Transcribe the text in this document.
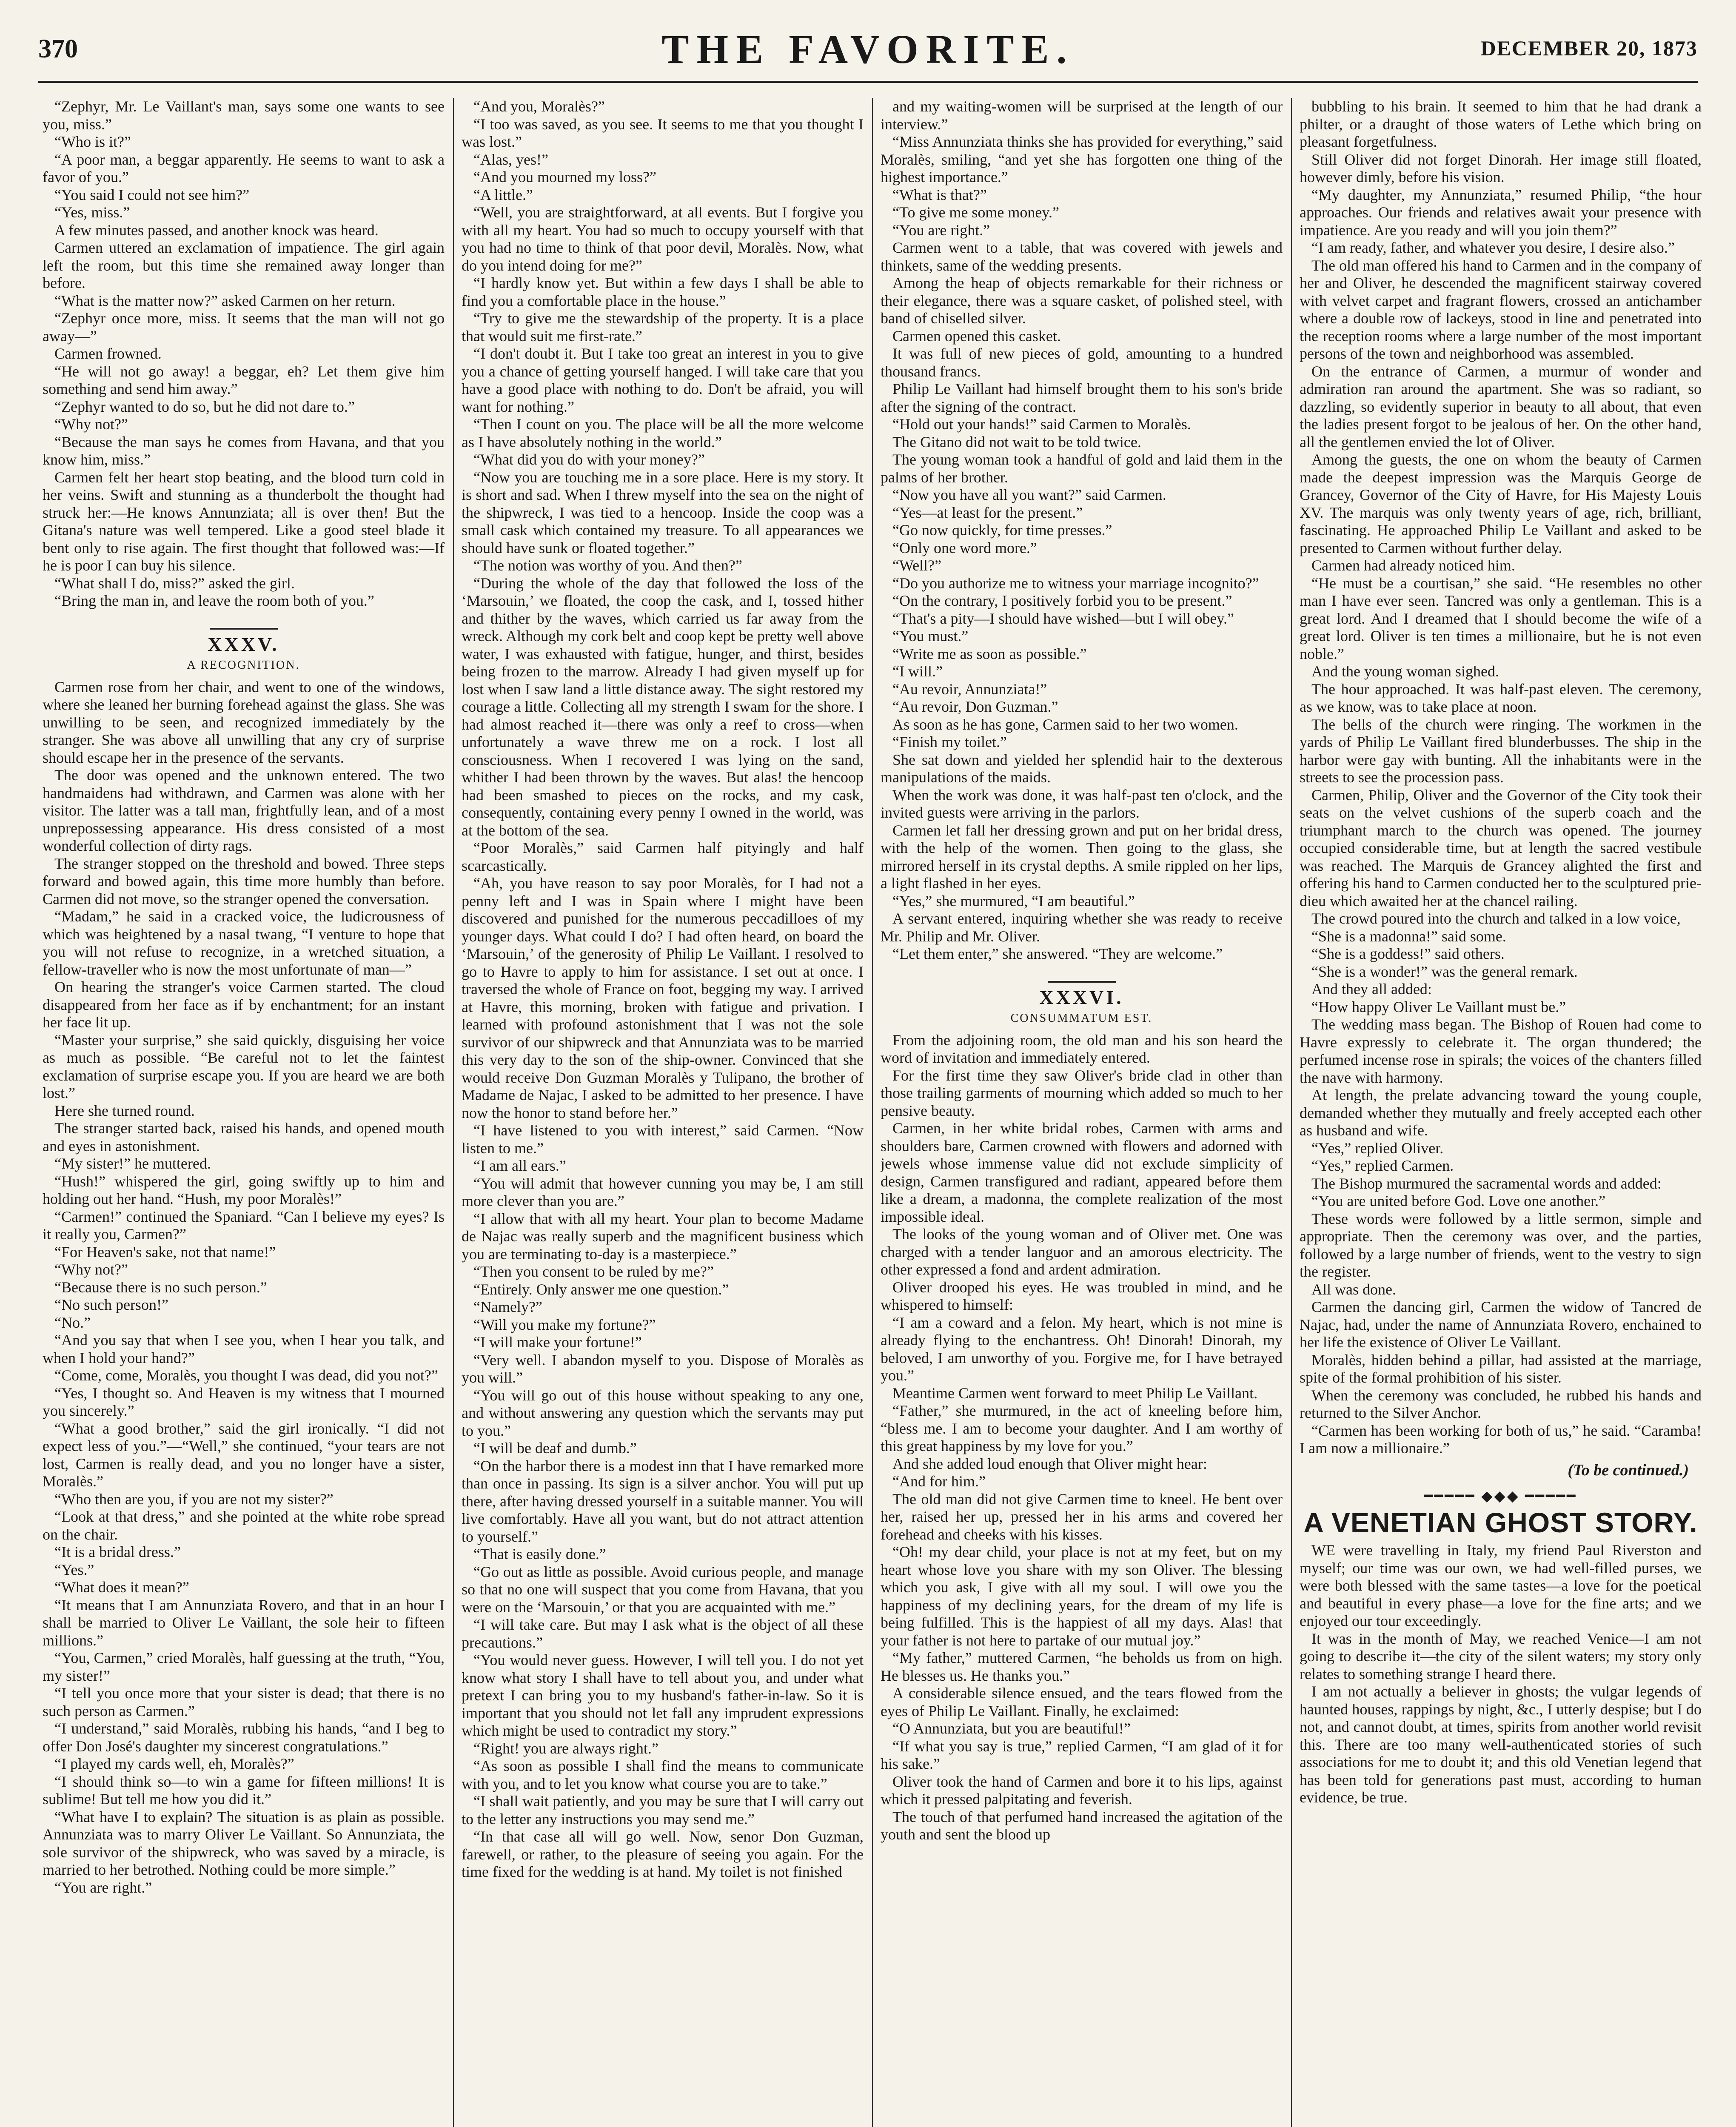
370	THE FAVORITE.	DECEMBER 20, 1873

“Zephyr, Mr. Le Vaillant's man, says some one wants to see you, miss.”

“Who is it?”

“A poor man, a beggar apparently. He seems to want to ask a favor of you.”

“You said I could not see him?”

“Yes, miss.”

A few minutes passed, and another knock was heard.

Carmen uttered an exclamation of impatience. The girl again left the room, but this time she remained away longer than before.

“What is the matter now?” asked Carmen on her return.

“Zephyr once more, miss. It seems that the man will not go away—”

Carmen frowned.

“He will not go away! a beggar, eh? Let them give him something and send him away.”

“Zephyr wanted to do so, but he did not dare to.”

“Why not?”

“Because the man says he comes from Havana, and that you know him, miss.”

Carmen felt her heart stop beating, and the blood turn cold in her veins. Swift and stunning as a thunderbolt the thought had struck her:—He knows Annunziata; all is over then! But the Gitana's nature was well tempered. Like a good steel blade it bent only to rise again. The first thought that followed was:—If he is poor I can buy his silence.

“What shall I do, miss?” asked the girl.

“Bring the man in, and leave the room both of you.”

XXXV.
A RECOGNITION.

Carmen rose from her chair, and went to one of the windows, where she leaned her burning forehead against the glass. She was unwilling to be seen, and recognized immediately by the stranger. She was above all unwilling that any cry of surprise should escape her in the presence of the servants.

The door was opened and the unknown entered. The two handmaidens had withdrawn, and Carmen was alone with her visitor. The latter was a tall man, frightfully lean, and of a most unprepossessing appearance. His dress consisted of a most wonderful collection of dirty rags.

The stranger stopped on the threshold and bowed. Three steps forward and bowed again, this time more humbly than before. Carmen did not move, so the stranger opened the conversation.

“Madam,” he said in a cracked voice, the ludicrousness of which was heightened by a nasal twang, “I venture to hope that you will not refuse to recognize, in a wretched situation, a fellow-traveller who is now the most unfortunate of man—”

On hearing the stranger's voice Carmen started. The cloud disappeared from her face as if by enchantment; for an instant her face lit up.

“Master your surprise,” she said quickly, disguising her voice as much as possible. “Be careful not to let the faintest exclamation of surprise escape you. If you are heard we are both lost.”

Here she turned round.

The stranger started back, raised his hands, and opened mouth and eyes in astonishment.

“My sister!” he muttered.

“Hush!” whispered the girl, going swiftly up to him and holding out her hand. “Hush, my poor Moralès!”

“Carmen!” continued the Spaniard. “Can I believe my eyes? Is it really you, Carmen?”

“For Heaven's sake, not that name!”

“Why not?”

“Because there is no such person.”

“No such person!”

“No.”

“And you say that when I see you, when I hear you talk, and when I hold your hand?”

“Come, come, Moralès, you thought I was dead, did you not?”

“Yes, I thought so. And Heaven is my witness that I mourned you sincerely.”

“What a good brother,” said the girl ironically. “I did not expect less of you.”—“Well,” she continued, “your tears are not lost, Carmen is really dead, and you no longer have a sister, Moralès.”

“Who then are you, if you are not my sister?”

“Look at that dress,” and she pointed at the white robe spread on the chair.

“It is a bridal dress.”

“Yes.”

“What does it mean?”

“It means that I am Annunziata Rovero, and that in an hour I shall be married to Oliver Le Vaillant, the sole heir to fifteen millions.”

“You, Carmen,” cried Moralès, half guessing at the truth, “You, my sister!”

“I tell you once more that your sister is dead; that there is no such person as Carmen.”

“I understand,” said Moralès, rubbing his hands, “and I beg to offer Don José's daughter my sincerest congratulations.”

“I played my cards well, eh, Moralès?”

“I should think so—to win a game for fifteen millions! It is sublime! But tell me how you did it.”

“What have I to explain? The situation is as plain as possible. Annunziata was to marry Oliver Le Vaillant. So Annunziata, the sole survivor of the shipwreck, who was saved by a miracle, is married to her betrothed. Nothing could be more simple.”

“You are right.”

“And you, Moralès?”

“I too was saved, as you see. It seems to me that you thought I was lost.”

“Alas, yes!”

“And you mourned my loss?”

“A little.”

“Well, you are straightforward, at all events. But I forgive you with all my heart. You had so much to occupy yourself with that you had no time to think of that poor devil, Moralès. Now, what do you intend doing for me?”

“I hardly know yet. But within a few days I shall be able to find you a comfortable place in the house.”

“Try to give me the stewardship of the property. It is a place that would suit me first-rate.”

“I don't doubt it. But I take too great an interest in you to give you a chance of getting yourself hanged. I will take care that you have a good place with nothing to do. Don't be afraid, you will want for nothing.”

“Then I count on you. The place will be all the more welcome as I have absolutely nothing in the world.”

“What did you do with your money?”

“Now you are touching me in a sore place. Here is my story. It is short and sad. When I threw myself into the sea on the night of the shipwreck, I was tied to a hencoop. Inside the coop was a small cask which contained my treasure. To all appearances we should have sunk or floated together.”

“The notion was worthy of you. And then?”

“During the whole of the day that followed the loss of the ‘Marsouin,’ we floated, the coop the cask, and I, tossed hither and thither by the waves, which carried us far away from the wreck. Although my cork belt and coop kept be pretty well above water, I was exhausted with fatigue, hunger, and thirst, besides being frozen to the marrow. Already I had given myself up for lost when I saw land a little distance away. The sight restored my courage a little. Collecting all my strength I swam for the shore. I had almost reached it—there was only a reef to cross—when unfortunately a wave threw me on a rock. I lost all consciousness. When I recovered I was lying on the sand, whither I had been thrown by the waves. But alas! the hencoop had been smashed to pieces on the rocks, and my cask, consequently, containing every penny I owned in the world, was at the bottom of the sea.

“Poor Moralès,” said Carmen half pityingly and half scarcastically.

“Ah, you have reason to say poor Moralès, for I had not a penny left and I was in Spain where I might have been discovered and punished for the numerous peccadilloes of my younger days. What could I do? I had often heard, on board the ‘Marsouin,’ of the generosity of Philip Le Vaillant. I resolved to go to Havre to apply to him for assistance. I set out at once. I traversed the whole of France on foot, begging my way. I arrived at Havre, this morning, broken with fatigue and privation. I learned with profound astonishment that I was not the sole survivor of our shipwreck and that Annunziata was to be married this very day to the son of the ship-owner. Convinced that she would receive Don Guzman Moralès y Tulipano, the brother of Madame de Najac, I asked to be admitted to her presence. I have now the honor to stand before her.”

“I have listened to you with interest,” said Carmen. “Now listen to me.”

“I am all ears.”

“You will admit that however cunning you may be, I am still more clever than you are.”

“I allow that with all my heart. Your plan to become Madame de Najac was really superb and the magnificent business which you are terminating to-day is a masterpiece.”

“Then you consent to be ruled by me?”

“Entirely. Only answer me one question.”

“Namely?”

“Will you make my fortune?”

“I will make your fortune!”

“Very well. I abandon myself to you. Dispose of Moralès as you will.”

“You will go out of this house without speaking to any one, and without answering any question which the servants may put to you.”

“I will be deaf and dumb.”

“On the harbor there is a modest inn that I have remarked more than once in passing. Its sign is a silver anchor. You will put up there, after having dressed yourself in a suitable manner. You will live comfortably. Have all you want, but do not attract attention to yourself.”

“That is easily done.”

“Go out as little as possible. Avoid curious people, and manage so that no one will suspect that you come from Havana, that you were on the ‘Marsouin,’ or that you are acquainted with me.”

“I will take care. But may I ask what is the object of all these precautions.”

“You would never guess. However, I will tell you. I do not yet know what story I shall have to tell about you, and under what pretext I can bring you to my husband's father-in-law. So it is important that you should not let fall any imprudent expressions which might be used to contradict my story.”

“Right! you are always right.”

“As soon as possible I shall find the means to communicate with you, and to let you know what course you are to take.”

“I shall wait patiently, and you may be sure that I will carry out to the letter any instructions you may send me.”

“In that case all will go well. Now, senor Don Guzman, farewell, or rather, to the pleasure of seeing you again. For the time fixed for the wedding is at hand. My toilet is not finished

and my waiting-women will be surprised at the length of our interview.”

“Miss Annunziata thinks she has provided for everything,” said Moralès, smiling, “and yet she has forgotten one thing of the highest importance.”

“What is that?”

“To give me some money.”

“You are right.”

Carmen went to a table, that was covered with jewels and thinkets, same of the wedding presents.

Among the heap of objects remarkable for their richness or their elegance, there was a square casket, of polished steel, with band of chiselled silver.

Carmen opened this casket.

It was full of new pieces of gold, amounting to a hundred thousand francs.

Philip Le Vaillant had himself brought them to his son's bride after the signing of the contract.

“Hold out your hands!” said Carmen to Moralès.

The Gitano did not wait to be told twice.

The young woman took a handful of gold and laid them in the palms of her brother.

“Now you have all you want?” said Carmen.

“Yes—at least for the present.”

“Go now quickly, for time presses.”

“Only one word more.”

“Well?”

“Do you authorize me to witness your marriage incognito?”

“On the contrary, I positively forbid you to be present.”

“That's a pity—I should have wished—but I will obey.”

“You must.”

“Write me as soon as possible.”

“I will.”

“Au revoir, Annunziata!”

“Au revoir, Don Guzman.”

As soon as he has gone, Carmen said to her two women.

“Finish my toilet.”

She sat down and yielded her splendid hair to the dexterous manipulations of the maids.

When the work was done, it was half-past ten o'clock, and the invited guests were arriving in the parlors.

Carmen let fall her dressing grown and put on her bridal dress, with the help of the women. Then going to the glass, she mirrored herself in its crystal depths. A smile rippled on her lips, a light flashed in her eyes.

“Yes,” she murmured, “I am beautiful.”

A servant entered, inquiring whether she was ready to receive Mr. Philip and Mr. Oliver.

“Let them enter,” she answered. “They are welcome.”

XXXVI.
CONSUMMATUM EST.

From the adjoining room, the old man and his son heard the word of invitation and immediately entered.

For the first time they saw Oliver's bride clad in other than those trailing garments of mourning which added so much to her pensive beauty.

Carmen, in her white bridal robes, Carmen with arms and shoulders bare, Carmen crowned with flowers and adorned with jewels whose immense value did not exclude simplicity of design, Carmen transfigured and radiant, appeared before them like a dream, a madonna, the complete realization of the most impossible ideal.

The looks of the young woman and of Oliver met. One was charged with a tender languor and an amorous electricity. The other expressed a fond and ardent admiration.

Oliver drooped his eyes. He was troubled in mind, and he whispered to himself:

“I am a coward and a felon. My heart, which is not mine is already flying to the enchantress. Oh! Dinorah! Dinorah, my beloved, I am unworthy of you. Forgive me, for I have betrayed you.”

Meantime Carmen went forward to meet Philip Le Vaillant.

“Father,” she murmured, in the act of kneeling before him, “bless me. I am to become your daughter. And I am worthy of this great happiness by my love for you.”

And she added loud enough that Oliver might hear:

“And for him.”

The old man did not give Carmen time to kneel. He bent over her, raised her up, pressed her in his arms and covered her forehead and cheeks with his kisses.

“Oh! my dear child, your place is not at my feet, but on my heart whose love you share with my son Oliver. The blessing which you ask, I give with all my soul. I will owe you the happiness of my declining years, for the dream of my life is being fulfilled. This is the happiest of all my days. Alas! that your father is not here to partake of our mutual joy.”

“My father,” muttered Carmen, “he beholds us from on high. He blesses us. He thanks you.”

A considerable silence ensued, and the tears flowed from the eyes of Philip Le Vaillant. Finally, he exclaimed:

“O Annunziata, but you are beautiful!”

“If what you say is true,” replied Carmen, “I am glad of it for his sake.”

Oliver took the hand of Carmen and bore it to his lips, against which it pressed palpitating and feverish.

The touch of that perfumed hand increased the agitation of the youth and sent the blood up

bubbling to his brain. It seemed to him that he had drank a philter, or a draught of those waters of Lethe which bring on pleasant forgetfulness.

Still Oliver did not forget Dinorah. Her image still floated, however dimly, before his vision.

“My daughter, my Annunziata,” resumed Philip, “the hour approaches. Our friends and relatives await your presence with impatience. Are you ready and will you join them?”

“I am ready, father, and whatever you desire, I desire also.”

The old man offered his hand to Carmen and in the company of her and Oliver, he descended the magnificent stairway covered with velvet carpet and fragrant flowers, crossed an antichamber where a double row of lackeys, stood in line and penetrated into the reception rooms where a large number of the most important persons of the town and neighborhood was assembled.

On the entrance of Carmen, a murmur of wonder and admiration ran around the apartment. She was so radiant, so dazzling, so evidently superior in beauty to all about, that even the ladies present forgot to be jealous of her. On the other hand, all the gentlemen envied the lot of Oliver.

Among the guests, the one on whom the beauty of Carmen made the deepest impression was the Marquis George de Grancey, Governor of the City of Havre, for His Majesty Louis XV. The marquis was only twenty years of age, rich, brilliant, fascinating. He approached Philip Le Vaillant and asked to be presented to Carmen without further delay.

Carmen had already noticed him.

“He must be a courtisan,” she said. “He resembles no other man I have ever seen. Tancred was only a gentleman. This is a great lord. And I dreamed that I should become the wife of a great lord. Oliver is ten times a millionaire, but he is not even noble.”

And the young woman sighed.

The hour approached. It was half-past eleven. The ceremony, as we know, was to take place at noon.

The bells of the church were ringing. The workmen in the yards of Philip Le Vaillant fired blunderbusses. The ship in the harbor were gay with bunting. All the inhabitants were in the streets to see the procession pass.

Carmen, Philip, Oliver and the Governor of the City took their seats on the velvet cushions of the superb coach and the triumphant march to the church was opened. The journey occupied considerable time, but at length the sacred vestibule was reached. The Marquis de Grancey alighted the first and offering his hand to Carmen conducted her to the sculptured prie-dieu which awaited her at the chancel railing.

The crowd poured into the church and talked in a low voice,

“She is a madonna!” said some.

“She is a goddess!” said others.

“She is a wonder!” was the general remark.

And they all added:

“How happy Oliver Le Vaillant must be.”

The wedding mass began. The Bishop of Rouen had come to Havre expressly to celebrate it. The organ thundered; the perfumed incense rose in spirals; the voices of the chanters filled the nave with harmony.

At length, the prelate advancing toward the young couple, demanded whether they mutually and freely accepted each other as husband and wife.

“Yes,” replied Oliver.

“Yes,” replied Carmen.

The Bishop murmured the sacramental words and added:

“You are united before God. Love one another.”

These words were followed by a little sermon, simple and appropriate. Then the ceremony was over, and the parties, followed by a large number of friends, went to the vestry to sign the register.

All was done.

Carmen the dancing girl, Carmen the widow of Tancred de Najac, had, under the name of Annunziata Rovero, enchained to her life the existence of Oliver Le Vaillant.

Moralès, hidden behind a pillar, had assisted at the marriage, spite of the formal prohibition of his sister.

When the ceremony was concluded, he rubbed his hands and returned to the Silver Anchor.

“Carmen has been working for both of us,” he said. “Caramba! I am now a millionaire.”

(To be continued.)
━━━━━ ◆◆◆ ━━━━━
A VENETIAN GHOST STORY.

WE were travelling in Italy, my friend Paul Riverston and myself; our time was our own, we had well-filled purses, we were both blessed with the same tastes—a love for the poetical and beautiful in every phase—a love for the fine arts; and we enjoyed our tour exceedingly.

It was in the month of May, we reached Venice—I am not going to describe it—the city of the silent waters; my story only relates to something strange I heard there.

I am not actually a believer in ghosts; the vulgar legends of haunted houses, rappings by night, &c., I utterly despise; but I do not, and cannot doubt, at times, spirits from another world revisit this. There are too many well-authenticated stories of such associations for me to doubt it; and this old Venetian legend that has been told for generations past must, according to human evidence, be true.
